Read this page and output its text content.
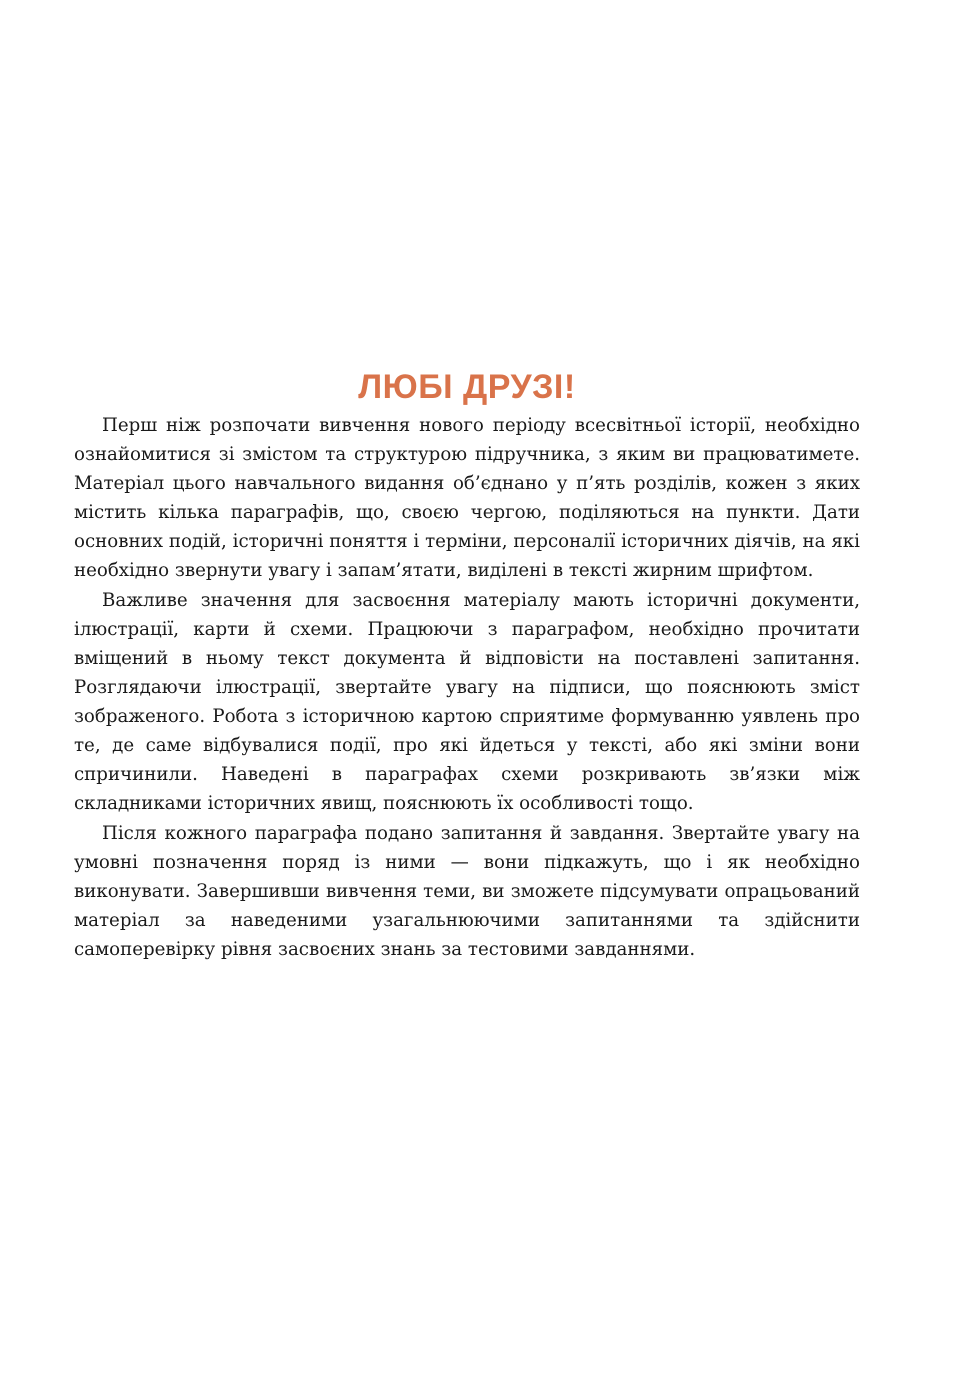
ЛЮБІ ДРУЗІ!

Перш ніж розпочати вивчення нового періоду всесвітньої історії, необхідно ознайомитися зі змістом та структурою підручника, з яким ви працюватимете. Матеріал цього навчального видання об’єднано у п’ять розділів, кожен з яких містить кілька параграфів, що, своєю чергою, поділяються на пункти. Дати основних подій, історичні поняття і терміни, персоналії історичних діячів, на які необхідно звернути увагу і запам’ятати, виділені в тексті жирним шрифтом.

Важливе значення для засвоєння матеріалу мають історичні документи, ілюстрації, карти й схеми. Працюючи з параграфом, необхідно прочитати вміщений в ньому текст документа й відповісти на поставлені запитання. Розглядаючи ілюстрації, звертайте увагу на підписи, що пояснюють зміст зображеного. Робота з історичною картою сприятиме формуванню уявлень про те, де саме відбувалися події, про які йдеться у тексті, або які зміни вони спричинили. Наведені в параграфах схеми розкривають зв’язки між складниками історичних явищ, пояснюють їх особливості тощо.

Після кожного параграфа подано запитання й завдання. Звертайте увагу на умовні позначення поряд із ними — вони підкажуть, що і як необхідно виконувати. Завершивши вивчення теми, ви зможете підсумувати опрацьований матеріал за наведеними узагальнюючими запитаннями та здійснити самоперевірку рівня засвоєних знань за тестовими завданнями.
